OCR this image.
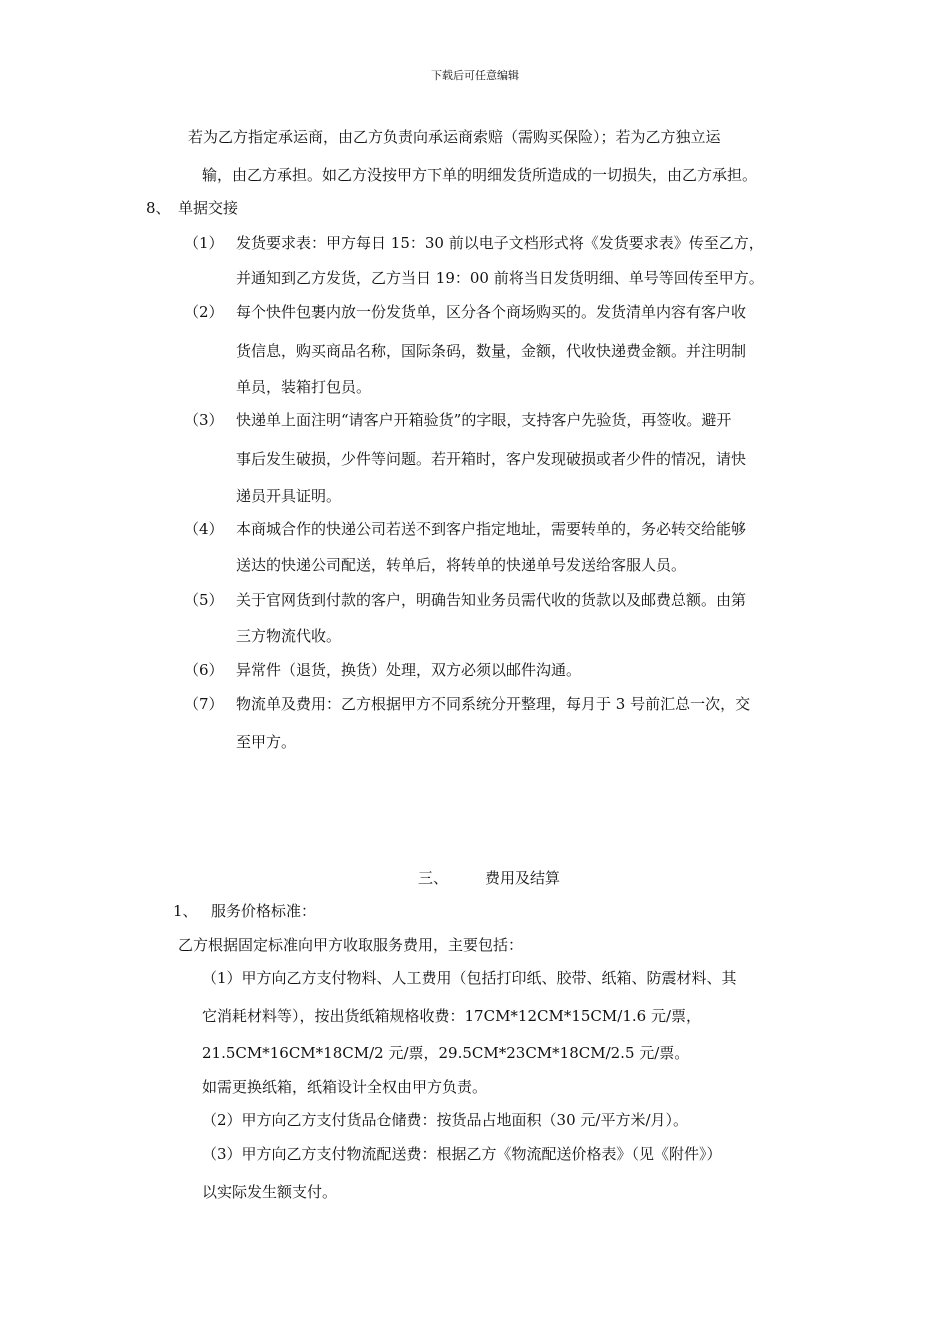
下载后可任意编辑
若为乙方指定承运商，由乙方负责向承运商索赔（需购买保险）；若为乙方独立运
输，由乙方承担。如乙方没按甲方下单的明细发货所造成的一切损失，由乙方承担。
8、 单据交接
（1） 发货要求表：甲方每日 15：30 前以电子文档形式将《发货要求表》传至乙方，
并通知到乙方发货，乙方当日 19：00 前将当日发货明细、单号等回传至甲方。
（2） 每个快件包裹内放一份发货单，区分各个商场购买的。发货清单内容有客户收
货信息，购买商品名称，国际条码，数量，金额，代收快递费金额。并注明制
单员，装箱打包员。
（3） 快递单上面注明“请客户开箱验货”的字眼，支持客户先验货，再签收。避开
事后发生破损，少件等问题。若开箱时，客户发现破损或者少件的情况，请快
递员开具证明。
（4） 本商城合作的快递公司若送不到客户指定地址，需要转单的，务必转交给能够
送达的快递公司配送，转单后，将转单的快递单号发送给客服人员。
（5） 关于官网货到付款的客户，明确告知业务员需代收的货款以及邮费总额。由第
三方物流代收。
（6） 异常件（退货，换货）处理，双方必须以邮件沟通。
（7） 物流单及费用：乙方根据甲方不同系统分开整理，每月于 3 号前汇总一次，交
至甲方。
三、 费用及结算
1、 服务价格标准：
乙方根据固定标准向甲方收取服务费用，主要包括：
（1）甲方向乙方支付物料、人工费用（包括打印纸、胶带、纸箱、防震材料、其
它消耗材料等），按出货纸箱规格收费：17CM*12CM*15CM/1.6 元/票，
21.5CM*16CM*18CM/2 元/票，29.5CM*23CM*18CM/2.5 元/票。
如需更换纸箱，纸箱设计全权由甲方负责。
（2）甲方向乙方支付货品仓储费：按货品占地面积（30 元/平方米/月）。
（3）甲方向乙方支付物流配送费：根据乙方《物流配送价格表》（见《附件》）
以实际发生额支付。
